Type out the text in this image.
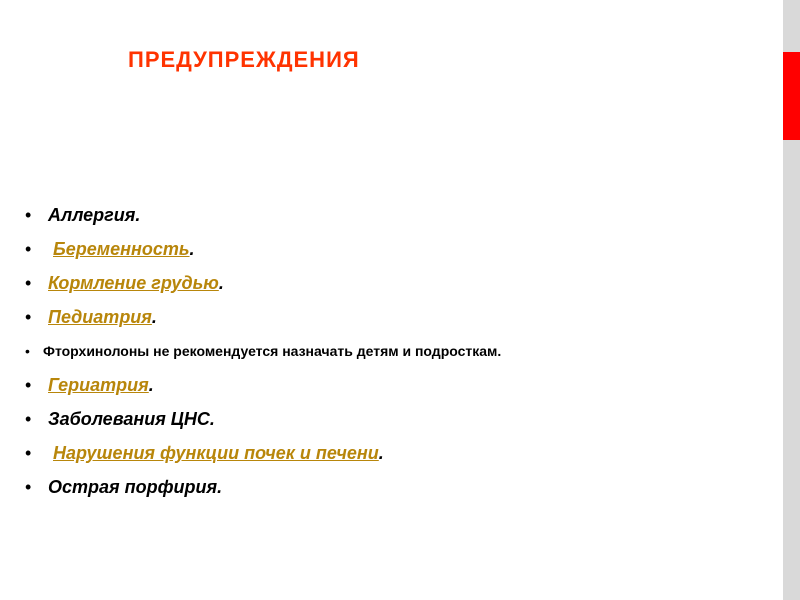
ПРЕДУПРЕЖДЕНИЯ
• Аллергия.
• Беременность.
• Кормление грудью.
• Педиатрия.
• Фторхинолоны не рекомендуется назначать детям и подросткам.
• Гериатрия.
• Заболевания ЦНС.
• Нарушения функции почек и печени.
• Острая порфирия.
